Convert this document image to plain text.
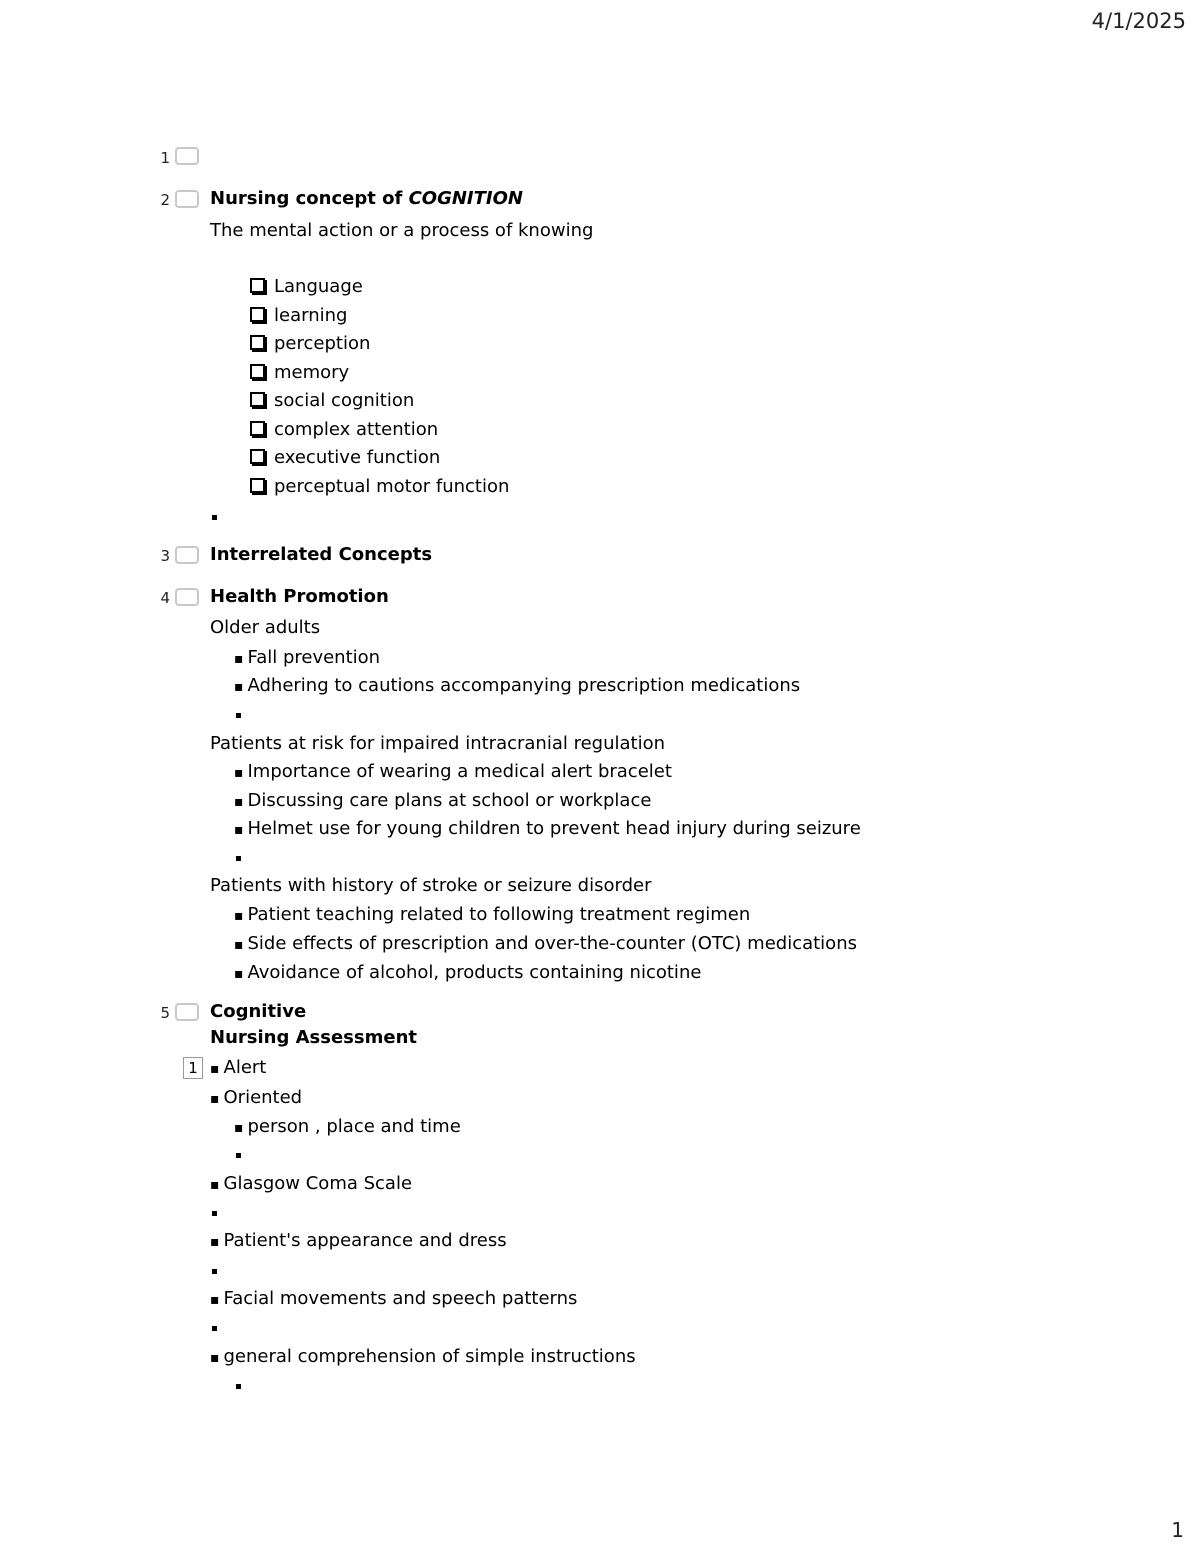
4/1/2025
1
2 Nursing concept of COGNITION
The mental action or a process of knowing
Language
learning
perception
memory
social cognition
complex attention
executive function
perceptual motor function
3 Interrelated Concepts
4 Health Promotion
Older adults
▪ Fall prevention
▪ Adhering to cautions accompanying prescription medications
Patients at risk for impaired intracranial regulation
▪ Importance of wearing a medical alert bracelet
▪ Discussing care plans at school or workplace
▪ Helmet use for young children to prevent head injury during seizure
Patients with history of stroke or seizure disorder
▪ Patient teaching related to following treatment regimen
▪ Side effects of prescription and over-the-counter (OTC) medications
▪ Avoidance of alcohol, products containing nicotine
5 Cognitive
Nursing Assessment
1
▪	Alert
▪ Oriented
▪ person , place and time
▪ Glasgow Coma Scale
▪ Patient's appearance and dress
▪ Facial movements and speech patterns
▪ general comprehension of simple instructions
1
